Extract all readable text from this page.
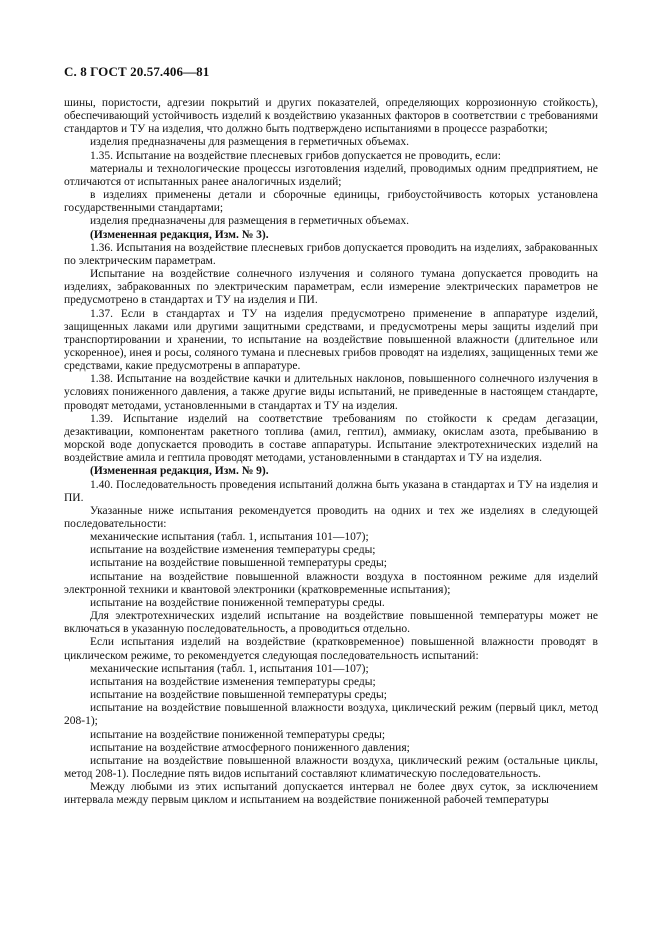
С. 8 ГОСТ 20.57.406—81

шины, пористости, адгезии покрытий и других показателей, определяющих коррозионную стойкость), обеспечивающий устойчивость изделий к воздействию указанных факторов в соответствии с требованиями стандартов и ТУ на изделия, что должно быть подтверждено испытаниями в процессе разработки;

изделия предназначены для размещения в герметичных объемах.

1.35. Испытание на воздействие плесневых грибов допускается не проводить, если:

материалы и технологические процессы изготовления изделий, проводимых одним предприятием, не отличаются от испытанных ранее аналогичных изделий;

в изделиях применены детали и сборочные единицы, грибоустойчивость которых установлена государственными стандартами;

изделия предназначены для размещения в герметичных объемах.

(Измененная редакция, Изм. № 3).

1.36. Испытания на воздействие плесневых грибов допускается проводить на изделиях, забракованных по электрическим параметрам.

Испытание на воздействие солнечного излучения и соляного тумана допускается проводить на изделиях, забракованных по электрическим параметрам, если измерение электрических параметров не предусмотрено в стандартах и ТУ на изделия и ПИ.

1.37. Если в стандартах и ТУ на изделия предусмотрено применение в аппаратуре изделий, защищенных лаками или другими защитными средствами, и предусмотрены меры защиты изделий при транспортировании и хранении, то испытание на воздействие повышенной влажности (длительное или ускоренное), инея и росы, соляного тумана и плесневых грибов проводят на изделиях, защищенных теми же средствами, какие предусмотрены в аппаратуре.

1.38. Испытание на воздействие качки и длительных наклонов, повышенного солнечного излучения в условиях пониженного давления, а также другие виды испытаний, не приведенные в настоящем стандарте, проводят методами, установленными в стандартах и ТУ на изделия.

1.39. Испытание изделий на соответствие требованиям по стойкости к средам дегазации, дезактивации, компонентам ракетного топлива (амил, гептил), аммиаку, окислам азота, пребыванию в морской воде допускается проводить в составе аппаратуры. Испытание электротехнических изделий на воздействие амила и гептила проводят методами, установленными в стандартах и ТУ на изделия.

(Измененная редакция, Изм. № 9).

1.40. Последовательность проведения испытаний должна быть указана в стандартах и ТУ на изделия и ПИ.

Указанные ниже испытания рекомендуется проводить на одних и тех же изделиях в следующей последовательности:

механические испытания (табл. 1, испытания 101—107);

испытание на воздействие изменения температуры среды;

испытание на воздействие повышенной температуры среды;

испытание на воздействие повышенной влажности воздуха в постоянном режиме для изделий электронной техники и квантовой электроники (кратковременные испытания);

испытание на воздействие пониженной температуры среды.

Для электротехнических изделий испытание на воздействие повышенной температуры может не включаться в указанную последовательность, а проводиться отдельно.

Если испытания изделий на воздействие (кратковременное) повышенной влажности проводят в циклическом режиме, то рекомендуется следующая последовательность испытаний:

механические испытания (табл. 1, испытания 101—107);

испытания на воздействие изменения температуры среды;

испытание на воздействие повышенной температуры среды;

испытание на воздействие повышенной влажности воздуха, циклический режим (первый цикл, метод 208-1);

испытание на воздействие пониженной температуры среды;

испытание на воздействие атмосферного пониженного давления;

испытание на воздействие повышенной влажности воздуха, циклический режим (остальные циклы, метод 208-1). Последние пять видов испытаний составляют климатическую последовательность.

Между любыми из этих испытаний допускается интервал не более двух суток, за исключением интервала между первым циклом и испытанием на воздействие пониженной рабочей температуры
